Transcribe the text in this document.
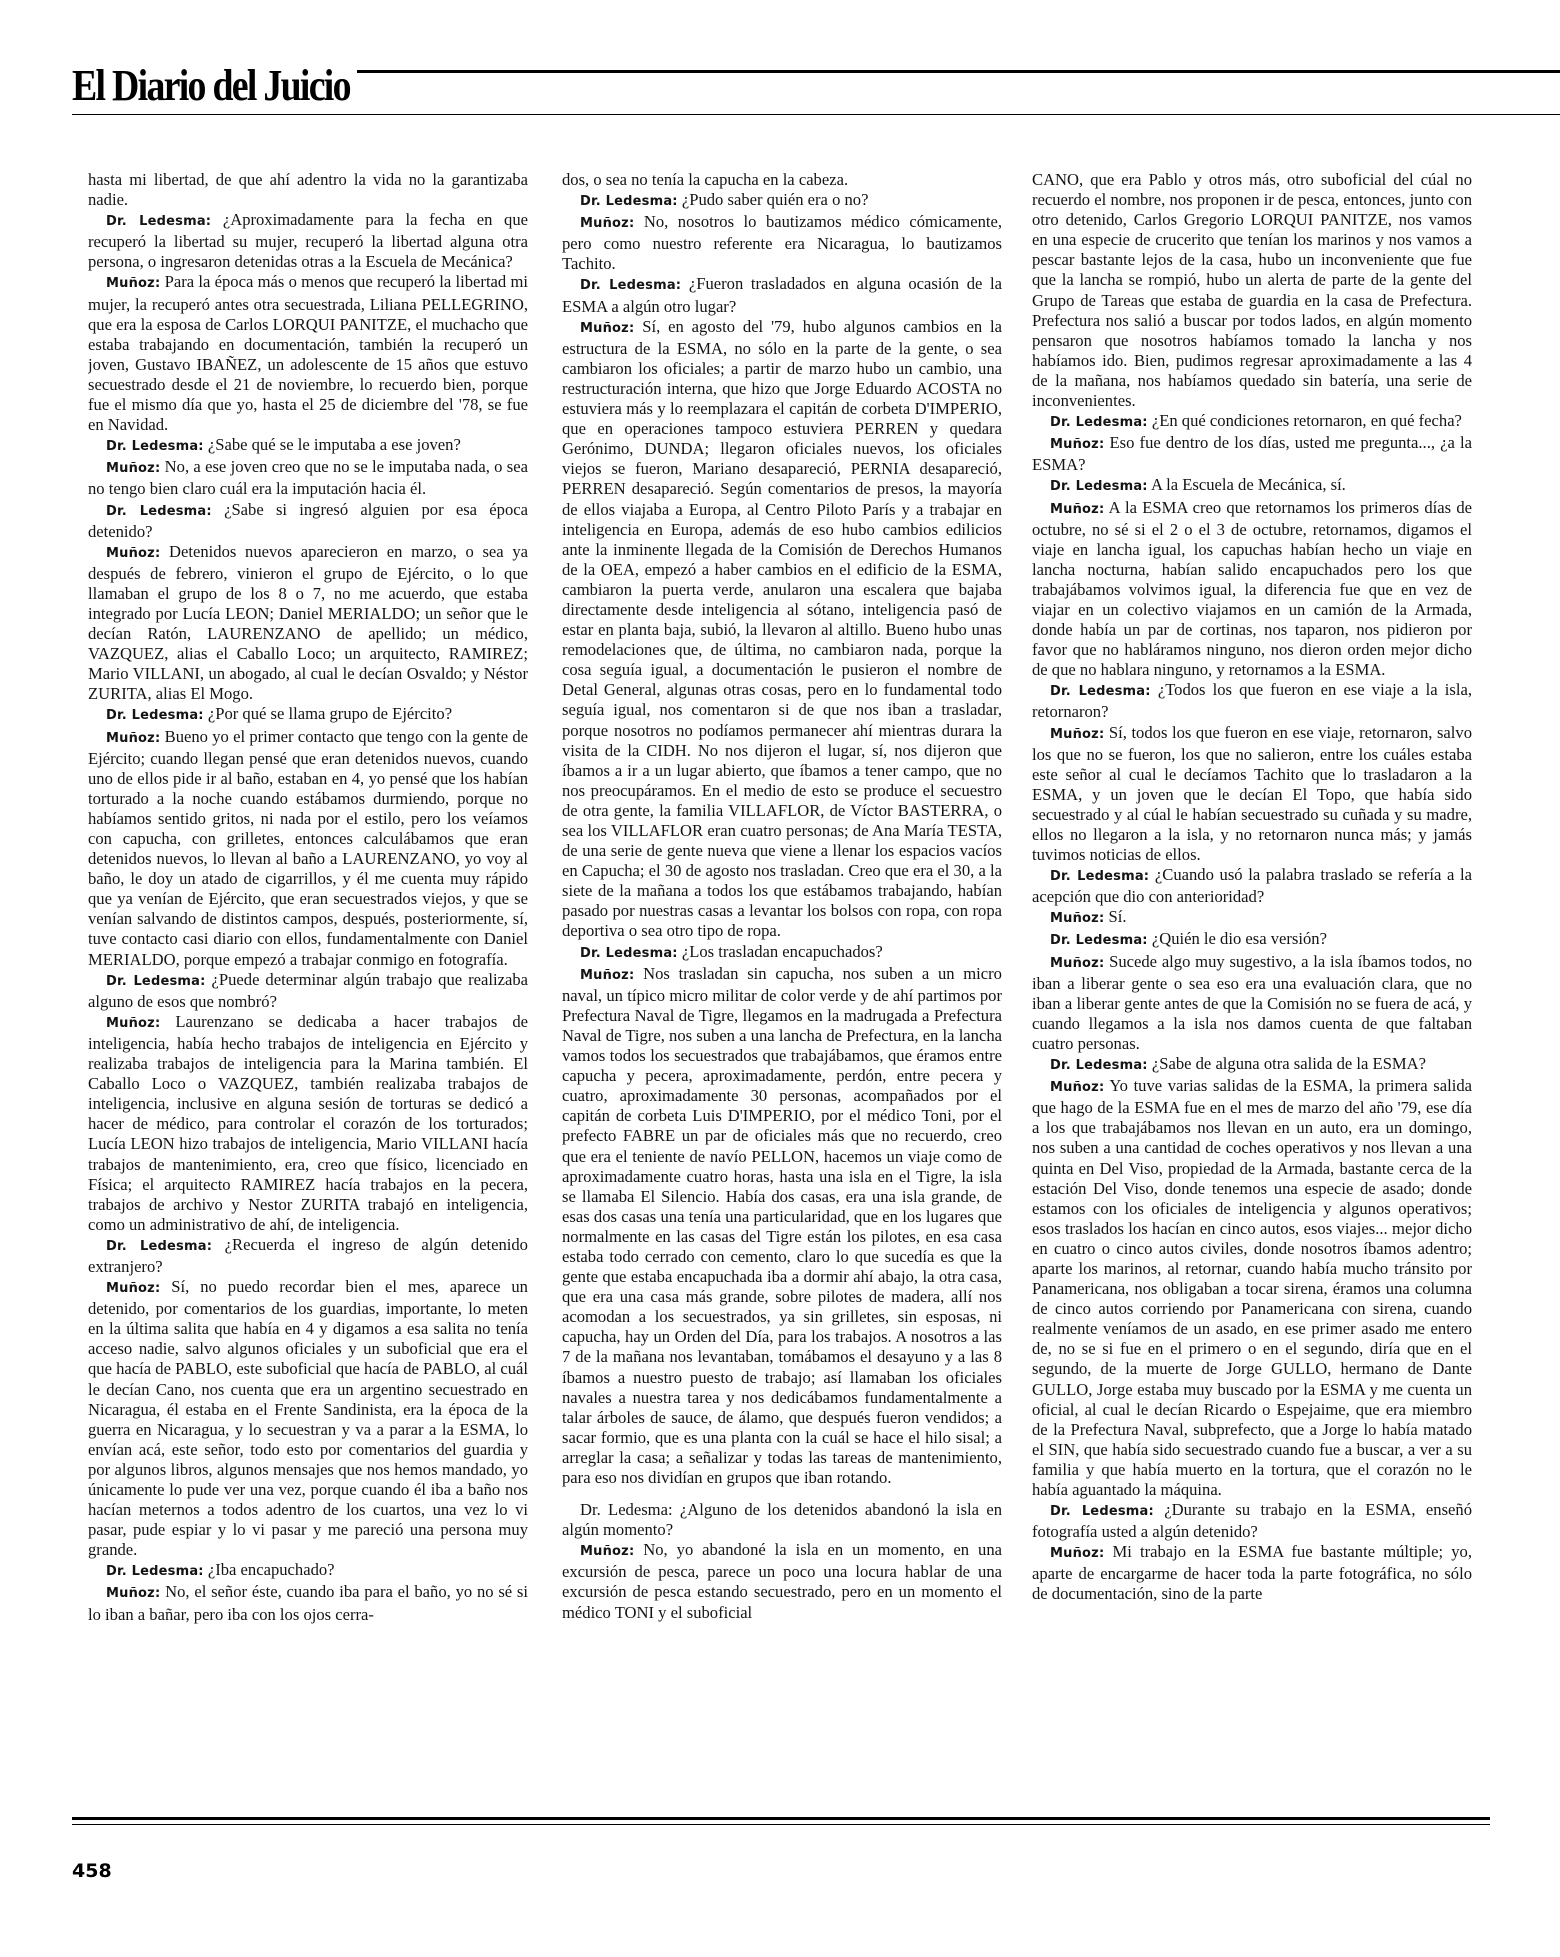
El Diario del Juicio

hasta mi libertad, de que ahí adentro la vida no la garantizaba nadie.

Dr. Ledesma: ¿Aproximadamente para la fecha en que recuperó la libertad su mujer, recuperó la libertad alguna otra persona, o ingresaron detenidas otras a la Escuela de Mecánica?

Muñoz: Para la época más o menos que recuperó la libertad mi mujer, la recuperó antes otra secuestrada, Liliana PELLEGRINO, que era la esposa de Carlos LORQUI PANITZE, el muchacho que estaba trabajando en documentación, también la recuperó un joven, Gustavo IBAÑEZ, un adolescente de 15 años que estuvo secuestrado desde el 21 de noviembre, lo recuerdo bien, porque fue el mismo día que yo, hasta el 25 de diciembre del '78, se fue en Navidad.

Dr. Ledesma: ¿Sabe qué se le imputaba a ese joven?

Muñoz: No, a ese joven creo que no se le imputaba nada, o sea no tengo bien claro cuál era la imputación hacia él.

Dr. Ledesma: ¿Sabe si ingresó alguien por esa época detenido?

Muñoz: Detenidos nuevos aparecieron en marzo, o sea ya después de febrero, vinieron el grupo de Ejército, o lo que llamaban el grupo de los 8 o 7, no me acuerdo, que estaba integrado por Lucía LEON; Daniel MERIALDO; un señor que le decían Ratón, LAURENZANO de apellido; un médico, VAZQUEZ, alias el Caballo Loco; un arquitecto, RAMIREZ; Mario VILLANI, un abogado, al cual le decían Osvaldo; y Néstor ZURITA, alias El Mogo.

Dr. Ledesma: ¿Por qué se llama grupo de Ejército?

Muñoz: Bueno yo el primer contacto que tengo con la gente de Ejército; cuando llegan pensé que eran detenidos nuevos, cuando uno de ellos pide ir al baño, estaban en 4, yo pensé que los habían torturado a la noche cuando estábamos durmiendo, porque no habíamos sentido gritos, ni nada por el estilo, pero los veíamos con capucha, con grilletes, entonces calculábamos que eran detenidos nuevos, lo llevan al baño a LAURENZANO, yo voy al baño, le doy un atado de cigarrillos, y él me cuenta muy rápido que ya venían de Ejército, que eran secuestrados viejos, y que se venían salvando de distintos campos, después, posteriormente, sí, tuve contacto casi diario con ellos, fundamentalmente con Daniel MERIALDO, porque empezó a trabajar conmigo en fotografía.

Dr. Ledesma: ¿Puede determinar algún trabajo que realizaba alguno de esos que nombró?

Muñoz: Laurenzano se dedicaba a hacer trabajos de inteligencia, había hecho trabajos de inteligencia en Ejército y realizaba trabajos de inteligencia para la Marina también. El Caballo Loco o VAZQUEZ, también realizaba trabajos de inteligencia, inclusive en alguna sesión de torturas se dedicó a hacer de médico, para controlar el corazón de los torturados; Lucía LEON hizo trabajos de inteligencia, Mario VILLANI hacía trabajos de mantenimiento, era, creo que físico, licenciado en Física; el arquitecto RAMIREZ hacía trabajos en la pecera, trabajos de archivo y Nestor ZURITA trabajó en inteligencia, como un administrativo de ahí, de inteligencia.

Dr. Ledesma: ¿Recuerda el ingreso de algún detenido extranjero?

Muñoz: Sí, no puedo recordar bien el mes, aparece un detenido, por comentarios de los guardias, importante, lo meten en la última salita que había en 4 y digamos a esa salita no tenía acceso nadie, salvo algunos oficiales y un suboficial que era el que hacía de PABLO, este suboficial que hacía de PABLO, al cuál le decían Cano, nos cuenta que era un argentino secuestrado en Nicaragua, él estaba en el Frente Sandinista, era la época de la guerra en Nicaragua, y lo secuestran y va a parar a la ESMA, lo envían acá, este señor, todo esto por comentarios del guardia y por algunos libros, algunos mensajes que nos hemos mandado, yo únicamente lo pude ver una vez, porque cuando él iba a baño nos hacían meternos a todos adentro de los cuartos, una vez lo vi pasar, pude espiar y lo vi pasar y me pareció una persona muy grande.

Dr. Ledesma: ¿Iba encapuchado?

Muñoz: No, el señor éste, cuando iba para el baño, yo no sé si lo iban a bañar, pero iba con los ojos cerra-

dos, o sea no tenía la capucha en la cabeza.

Dr. Ledesma: ¿Pudo saber quién era o no?

Muñoz: No, nosotros lo bautizamos médico cómicamente, pero como nuestro referente era Nicaragua, lo bautizamos Tachito.

Dr. Ledesma: ¿Fueron trasladados en alguna ocasión de la ESMA a algún otro lugar?

Muñoz: Sí, en agosto del '79, hubo algunos cambios en la estructura de la ESMA, no sólo en la parte de la gente, o sea cambiaron los oficiales; a partir de marzo hubo un cambio, una restructuración interna, que hizo que Jorge Eduardo ACOSTA no estuviera más y lo reemplazara el capitán de corbeta D'IMPERIO, que en operaciones tampoco estuviera PERREN y quedara Gerónimo, DUNDA; llegaron oficiales nuevos, los oficiales viejos se fueron, Mariano desapareció, PERNIA desapareció, PERREN desapareció. Según comentarios de presos, la mayoría de ellos viajaba a Europa, al Centro Piloto París y a trabajar en inteligencia en Europa, además de eso hubo cambios edilicios ante la inminente llegada de la Comisión de Derechos Humanos de la OEA, empezó a haber cambios en el edificio de la ESMA, cambiaron la puerta verde, anularon una escalera que bajaba directamente desde inteligencia al sótano, inteligencia pasó de estar en planta baja, subió, la llevaron al altillo. Bueno hubo unas remodelaciones que, de última, no cambiaron nada, porque la cosa seguía igual, a documentación le pusieron el nombre de Detal General, algunas otras cosas, pero en lo fundamental todo seguía igual, nos comentaron si de que nos iban a trasladar, porque nosotros no podíamos permanecer ahí mientras durara la visita de la CIDH. No nos dijeron el lugar, sí, nos dijeron que íbamos a ir a un lugar abierto, que íbamos a tener campo, que no nos preocupáramos. En el medio de esto se produce el secuestro de otra gente, la familia VILLAFLOR, de Víctor BASTERRA, o sea los VILLAFLOR eran cuatro personas; de Ana María TESTA, de una serie de gente nueva que viene a llenar los espacios vacíos en Capucha; el 30 de agosto nos trasladan. Creo que era el 30, a la siete de la mañana a todos los que estábamos trabajando, habían pasado por nuestras casas a levantar los bolsos con ropa, con ropa deportiva o sea otro tipo de ropa.

Dr. Ledesma: ¿Los trasladan encapuchados?

Muñoz: Nos trasladan sin capucha, nos suben a un micro naval, un típico micro militar de color verde y de ahí partimos por Prefectura Naval de Tigre, llegamos en la madrugada a Prefectura Naval de Tigre, nos suben a una lancha de Prefectura, en la lancha vamos todos los secuestrados que trabajábamos, que éramos entre capucha y pecera, aproximadamente, perdón, entre pecera y cuatro, aproximadamente 30 personas, acompañados por el capitán de corbeta Luis D'IMPERIO, por el médico Toni, por el prefecto FABRE un par de oficiales más que no recuerdo, creo que era el teniente de navío PELLON, hacemos un viaje como de aproximadamente cuatro horas, hasta una isla en el Tigre, la isla se llamaba El Silencio. Había dos casas, era una isla grande, de esas dos casas una tenía una particularidad, que en los lugares que normalmente en las casas del Tigre están los pilotes, en esa casa estaba todo cerrado con cemento, claro lo que sucedía es que la gente que estaba encapuchada iba a dormir ahí abajo, la otra casa, que era una casa más grande, sobre pilotes de madera, allí nos acomodan a los secuestrados, ya sin grilletes, sin esposas, ni capucha, hay un Orden del Día, para los trabajos. A nosotros a las 7 de la mañana nos levantaban, tomábamos el desayuno y a las 8 íbamos a nuestro puesto de trabajo; así llamaban los oficiales navales a nuestra tarea y nos dedicábamos fundamentalmente a talar árboles de sauce, de álamo, que después fueron vendidos; a sacar formio, que es una planta con la cuál se hace el hilo sisal; a arreglar la casa; a señalizar y todas las tareas de mantenimiento, para eso nos dividían en grupos que iban rotando.

Dr. Ledesma: ¿Alguno de los detenidos abandonó la isla en algún momento?

Muñoz: No, yo abandoné la isla en un momento, en una excursión de pesca, parece un poco una locura hablar de una excursión de pesca estando secuestrado, pero en un momento el médico TONI y el suboficial

CANO, que era Pablo y otros más, otro suboficial del cúal no recuerdo el nombre, nos proponen ir de pesca, entonces, junto con otro detenido, Carlos Gregorio LORQUI PANITZE, nos vamos en una especie de crucerito que tenían los marinos y nos vamos a pescar bastante lejos de la casa, hubo un inconveniente que fue que la lancha se rompió, hubo un alerta de parte de la gente del Grupo de Tareas que estaba de guardia en la casa de Prefectura. Prefectura nos salió a buscar por todos lados, en algún momento pensaron que nosotros habíamos tomado la lancha y nos habíamos ido. Bien, pudimos regresar aproximadamente a las 4 de la mañana, nos habíamos quedado sin batería, una serie de inconvenientes.

Dr. Ledesma: ¿En qué condiciones retornaron, en qué fecha?

Muñoz: Eso fue dentro de los días, usted me pregunta..., ¿a la ESMA?

Dr. Ledesma: A la Escuela de Mecánica, sí.

Muñoz: A la ESMA creo que retornamos los primeros días de octubre, no sé si el 2 o el 3 de octubre, retornamos, digamos el viaje en lancha igual, los capuchas habían hecho un viaje en lancha nocturna, habían salido encapuchados pero los que trabajábamos volvimos igual, la diferencia fue que en vez de viajar en un colectivo viajamos en un camión de la Armada, donde había un par de cortinas, nos taparon, nos pidieron por favor que no habláramos ninguno, nos dieron orden mejor dicho de que no hablara ninguno, y retornamos a la ESMA.

Dr. Ledesma: ¿Todos los que fueron en ese viaje a la isla, retornaron?

Muñoz: Sí, todos los que fueron en ese viaje, retornaron, salvo los que no se fueron, los que no salieron, entre los cuáles estaba este señor al cual le decíamos Tachito que lo trasladaron a la ESMA, y un joven que le decían El Topo, que había sido secuestrado y al cúal le habían secuestrado su cuñada y su madre, ellos no llegaron a la isla, y no retornaron nunca más; y jamás tuvimos noticias de ellos.

Dr. Ledesma: ¿Cuando usó la palabra traslado se refería a la acepción que dio con anterioridad?

Muñoz: Sí.

Dr. Ledesma: ¿Quién le dio esa versión?

Muñoz: Sucede algo muy sugestivo, a la isla íbamos todos, no iban a liberar gente o sea eso era una evaluación clara, que no iban a liberar gente antes de que la Comisión no se fuera de acá, y cuando llegamos a la isla nos damos cuenta de que faltaban cuatro personas.

Dr. Ledesma: ¿Sabe de alguna otra salida de la ESMA?

Muñoz: Yo tuve varias salidas de la ESMA, la primera salida que hago de la ESMA fue en el mes de marzo del año '79, ese día a los que trabajábamos nos llevan en un auto, era un domingo, nos suben a una cantidad de coches operativos y nos llevan a una quinta en Del Viso, propiedad de la Armada, bastante cerca de la estación Del Viso, donde tenemos una especie de asado; donde estamos con los oficiales de inteligencia y algunos operativos; esos traslados los hacían en cinco autos, esos viajes... mejor dicho en cuatro o cinco autos civiles, donde nosotros íbamos adentro; aparte los marinos, al retornar, cuando había mucho tránsito por Panamericana, nos obligaban a tocar sirena, éramos una columna de cinco autos corriendo por Panamericana con sirena, cuando realmente veníamos de un asado, en ese primer asado me entero de, no se si fue en el primero o en el segundo, diría que en el segundo, de la muerte de Jorge GULLO, hermano de Dante GULLO, Jorge estaba muy buscado por la ESMA y me cuenta un oficial, al cual le decían Ricardo o Espejaime, que era miembro de la Prefectura Naval, subprefecto, que a Jorge lo había matado el SIN, que había sido secuestrado cuando fue a buscar, a ver a su familia y que había muerto en la tortura, que el corazón no le había aguantado la máquina.

Dr. Ledesma: ¿Durante su trabajo en la ESMA, enseñó fotografía usted a algún detenido?

Muñoz: Mi trabajo en la ESMA fue bastante múltiple; yo, aparte de encargarme de hacer toda la parte fotográfica, no sólo de documentación, sino de la parte

458
